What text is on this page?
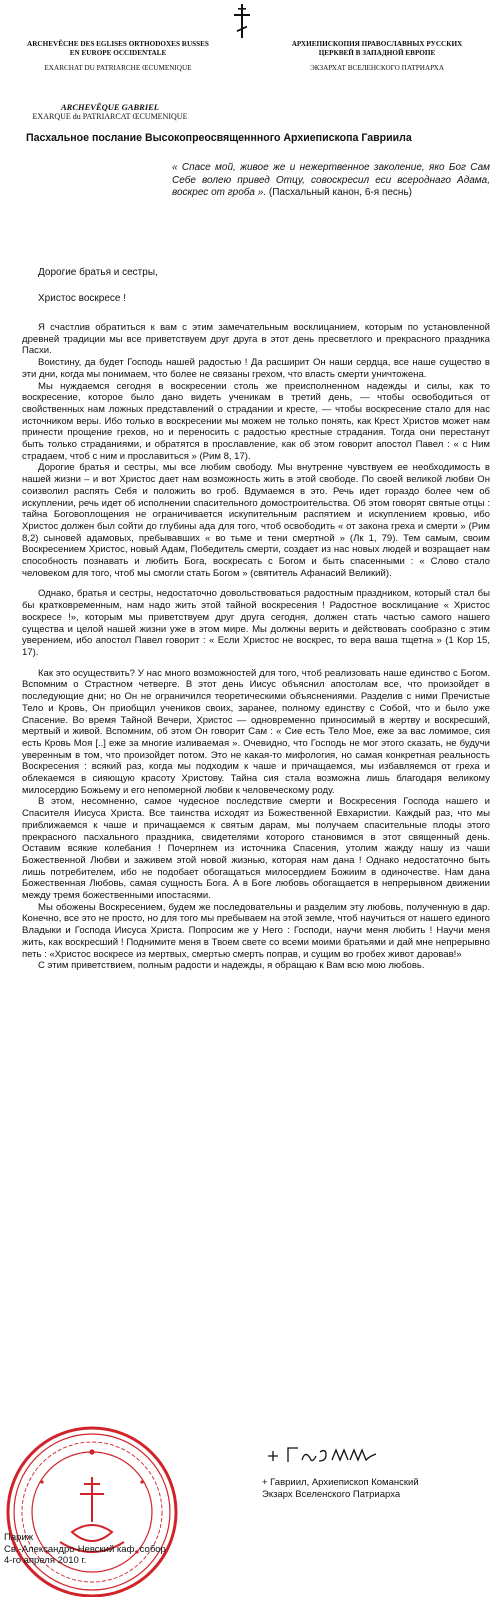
ARCHEVÊCHE DES EGLISES ORTHODOXES RUSSES
EN EUROPE OCCIDENTALE
EXARCHAT DU PATRIARCHE ŒCUMENIQUE
АРХИЕПИСКОПИЯ ПРАВОСЛАВНЫХ РУССКИХ
ЦЕРКВЕЙ В ЗАПАДНОЙ ЕВРОПЕ
ЭКЗАРХАТ ВСЕЛЕНСКОГО ПАТРИАРХА
ARCHEVÊQUE GABRIEL
EXARQUE du PATRIARCAT ŒCUMENIQUE
Пасхальное послание Высокопреосвященнного Архиепископа Гавриила
« Спасе мой, живое же и нежертвенное заколение, яко Бог Сам Себе волею привед Отцу, совоскресил еси всероднаго Адама, воскрес от гроба ». (Пасхальный канон, 6-я песнь)
Дорогие братья и сестры,
Христос воскресе !

Я счастлив обратиться к вам с этим замечательным восклицанием, которым по установленной древней традиции мы все приветствуем друг друга в этот день пресветлого и прекрасного праздника Пасхи.

Воистину, да будет Господь нашей радостью ! Да расширит Он наши сердца, все наше существо в эти дни, когда мы понимаем, что более не связаны грехом, что власть смерти уничтожена.

Мы нуждаемся сегодня в воскресении столь же преисполненном надежды и силы, как то воскресение, которое было дано видеть ученикам в третий день, — чтобы освободиться от свойственных нам ложных представлений о страдании и кресте, — чтобы воскресение стало для нас источником веры. Ибо только в воскресении мы можем не только понять, как Крест Христов может нам принести прощение грехов, но и переносить с радостью крестные страдания. Тогда они перестанут быть только страданиями, и обратятся в прославление, как об этом говорит апостол Павел : « с Ним страдаем, чтоб с ним и прославиться » (Рим 8, 17).

Дорогие братья и сестры, мы все любим свободу. Мы внутренне чувствуем ее необходимость в нашей жизни – и вот Христос дает нам возможность жить в этой свободе. По своей великой любви Он соизволил распять Себя и положить во гроб. Вдумаемся в это. Речь идет гораздо более чем об искуплении, речь идет об исполнении спасительного домостроительства. Об этом говорят святые отцы : тайна Боговоплощения не ограничивается искупительным распятием и искуплением кровью, ибо Христос должен был сойти до глубины ада для того, чтоб освободить « от закона греха и смерти » (Рим 8,2) сыновей адамовых, пребывавших « во тьме и тени смертной » (Лк 1, 79). Тем самым, своим Воскресением Христос, новый Адам, Победитель смерти, создает из нас новых людей и возращает нам способность познавать и любить Бога, воскресать с Богом и быть спасенными : « Слово стало человеком для того, чтоб мы смогли стать Богом » (святитель Афанасий Великий).

Однако, братья и сестры, недостаточно довольствоваться радостным праздником, который стал бы бы кратковременным, нам надо жить этой тайной воскресения ! Радостное восклицание « Христос воскресе !», которым мы приветствуем друг друга сегодня, должен стать частью самого нашего существа и целой нашей жизни уже в этом мире. Мы должны верить и действовать сообразно с этим уверением, ибо апостол Павел говорит : « Если Христос не воскрес, то вера ваша тщетна » (1 Кор 15, 17).

Как это осуществить? У нас много возможностей для того, чтоб реализовать наше единство с Богом. Вспомним о Страстном четверге. В этот день Иисус объяснил апостолам все, что произойдет в последующие дни; но Он не ограничился теоретическими объяснениями. Разделив с ними Пречистые Тело и Кровь, Он приобщил учеников своих, заранее, полному единству с Собой, что и было уже Спасение. Во время Тайной Вечери, Христос — одновременно приносимый в жертву и воскресший, мертвый и живой. Вспомним, об этом Он говорит Сам : « Сие есть Тело Мое, еже за вас ломимое, сия есть Кровь Моя [..] еже за многие изливаемая ». Очевидно, что Господь не мог этого сказать, не будучи уверенным в том, что произойдет потом. Это не какая-то мифология, но самая конкретная реальность Воскресения : всякий раз, когда мы подходим к чаше и причащаемся, мы избавляемся от греха и облекаемся в сияющую красоту Христову. Тайна сия стала возможна лишь благодаря великому милосердию Божьему и его непомерной любви к человеческому роду.

В этом, несомненно, самое чудесное последствие смерти и Воскресения Господа нашего и Спасителя Иисуса Христа. Все таинства исходят из Божественной Евхаристии. Каждый раз, что мы приближаемся к чаше и причащаемся к святым дарам, мы получаем спасительные плоды этого прекрасного пасхального праздника, свидетелями которого становимся в этот священный день. Оставим всякие колебания ! Почерпнем из источника Спасения, утолим жажду нашу из чаши Божественной Любви и заживем этой новой жизнью, которая нам дана ! Однако недостаточно быть лишь потребителем, ибо не подобает обогащаться милосердием Божиим в одиночестве. Нам дана Божественная Любовь, самая сущность Бога. А в Боге любовь обогащается в непрерывном движении между тремя божественными ипостасями.

Мы обожены Воскресением, будем же последовательны и разделим эту любовь, полученную в дар. Конечно, все это не просто, но для того мы пребываем на этой земле, чтоб научиться от нашего единого Владыки и Господа Иисуса Христа. Попросим же у Него : Господи, научи меня любить ! Научи меня жить, как воскресший ! Поднимите меня в Твоем свете со всеми моими братьями и дай мне непрерывно петь : «Христос воскресе из мертвых, смертью смерть поправ, и сущим во гробех живот даровав!»

С этим приветствием, полным радости и надежды, я обращаю к Вам всю мою любовь.

+ Гавриил, Архиепископ Команский
Экзарх Вселенского Патриарха
Париж
Св.-Александро-Невский каф. собор
4-го апреля 2010 г.
